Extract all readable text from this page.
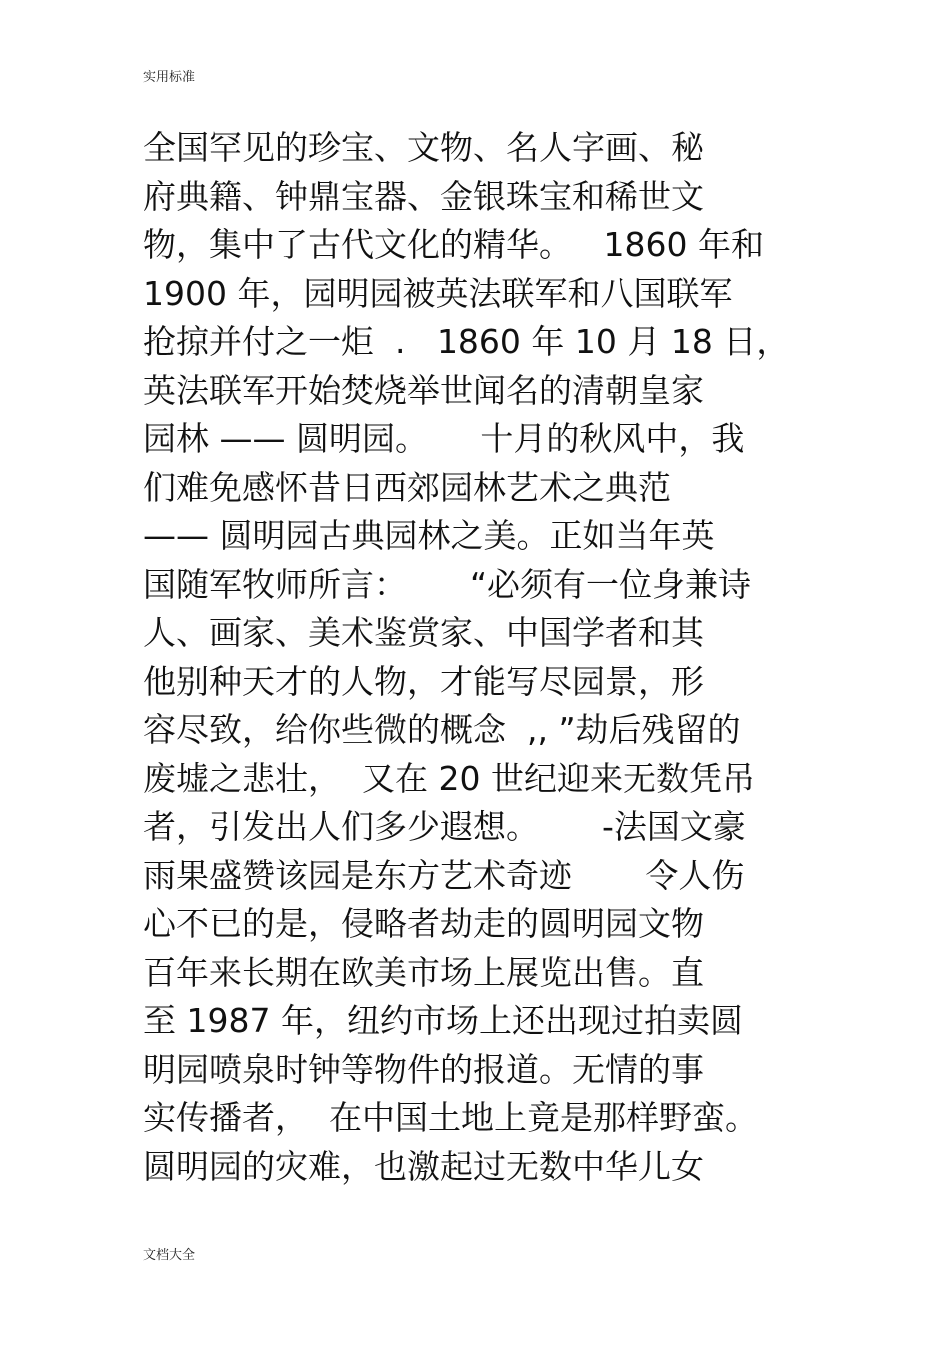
实用标准
全国罕见的珍宝、文物、名人字画、秘
府典籍、钟鼎宝器、金银珠宝和稀世文
物，集中了古代文化的精华。   1860 年和
1900 年，园明园被英法联军和八国联军
抢掠并付之一炬  .   1860 年 10 月 18 日，
英法联军开始焚烧举世闻名的清朝皇家
园林 —— 圆明园。     十月的秋风中，我
们难免感怀昔日西郊园林艺术之典范
—— 圆明园古典园林之美。正如当年英
国随军牧师所言：      “必须有一位身兼诗
人、画家、美术鉴赏家、中国学者和其
他别种天才的人物，才能写尽园景，形
容尽致，给你些微的概念  ,, ”劫后残留的
废墟之悲壮，  又在 20 世纪迎来无数凭吊
者，引发出人们多少遐想。      -法国文豪
雨果盛赞该园是东方艺术奇迹       令人伤
心不已的是，侵略者劫走的圆明园文物
百年来长期在欧美市场上展览出售。直
至 1987 年，纽约市场上还出现过拍卖圆
明园喷泉时钟等物件的报道。无情的事
实传播者，  在中国土地上竟是那样野蛮。
圆明园的灾难，也激起过无数中华儿女
文档大全
